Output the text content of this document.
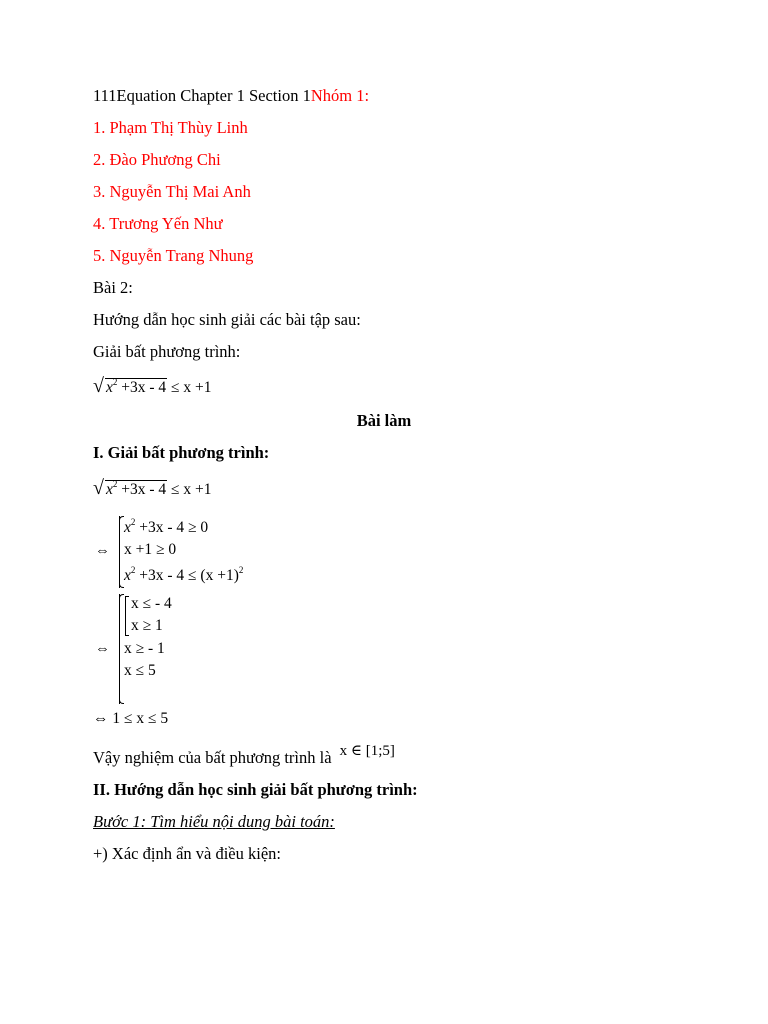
111Equation Chapter 1 Section 1Nhóm 1:
1. Phạm Thị Thùy Linh
2. Đào Phương Chi
3. Nguyễn Thị Mai Anh
4. Trương Yến Như
5. Nguyễn Trang Nhung
Bài 2:
Hướng dẫn học sinh giải các bài tập sau:
Giải bất phương trình:
√ $x^2 +3x - 4 \le x +1$
Bài làm
I. Giải bất phương trình:
√ $x^2 +3x - 4 \le x +1$
⇔
$x^2 +3x - 4 \ge 0$
x +1 ≥ 0
$x^2 +3x - 4 \le (x +1)^2$
⇔
x ≤ - 4
x ≥ 1
x ≥ - 1
x ≤ 5
⇔ 1 ≤ x ≤ 5
Vậy nghiệm của bất phương trình là x ∈ [1;5]
II. Hướng dẫn học sinh giải bất phương trình:
Bước 1: Tìm hiểu nội dung bài toán:
+) Xác định ẩn và điều kiện:
